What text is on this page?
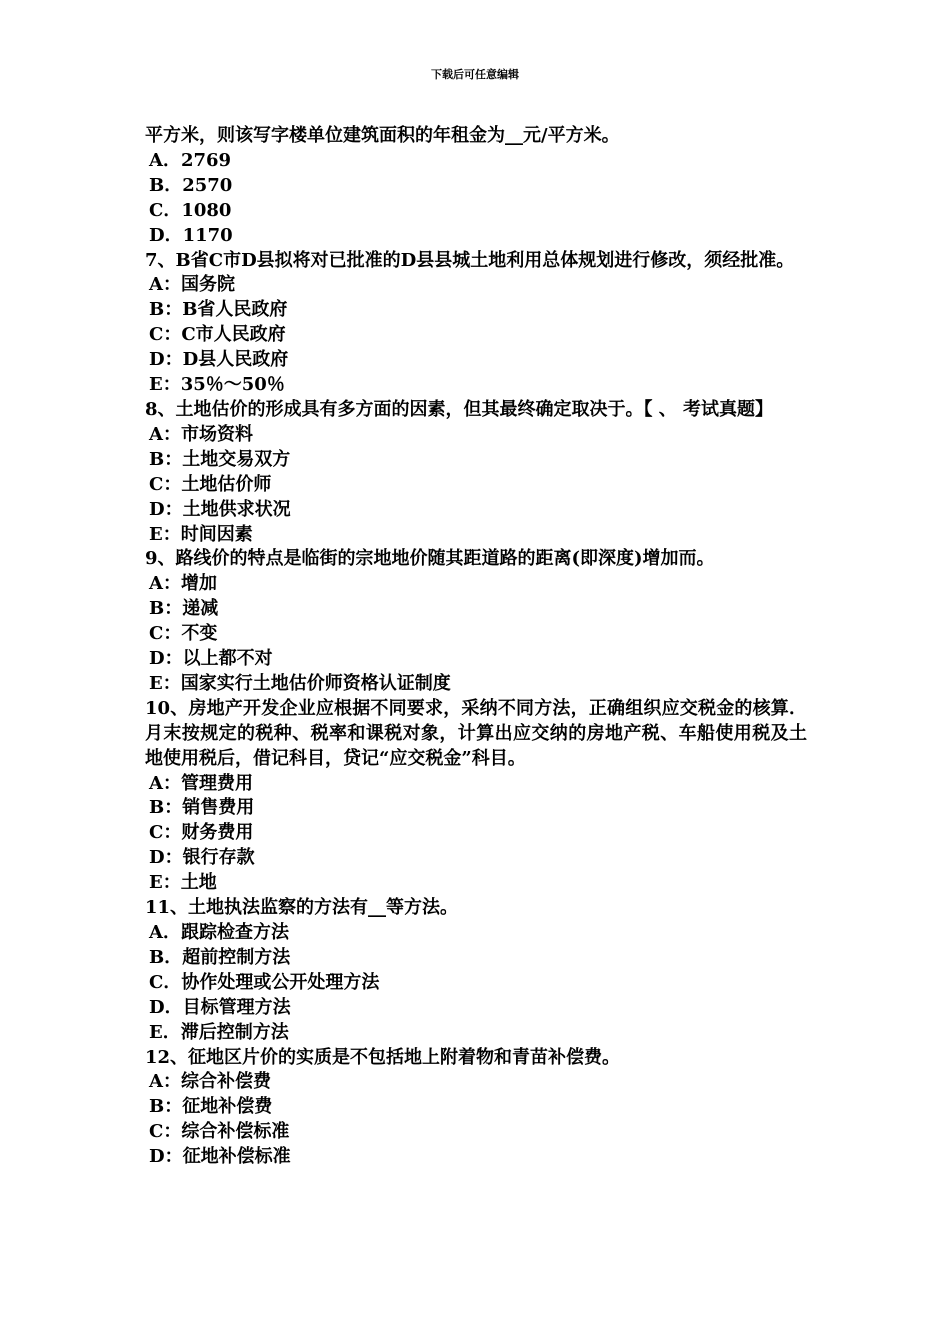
下载后可任意编辑
平方米，则该写字楼单位建筑面积的年租金为__元/平方米。
A．2769
B．2570
C．1080
D．1170
7、B省C市D县拟将对已批准的D县县城土地利用总体规划进行修改，须经批准。
A：国务院
B：B省人民政府
C：C市人民政府
D：D县人民政府
E：35％～50％
8、土地估价的形成具有多方面的因素，但其最终确定取决于。【 、 考试真题】
A：市场资料
B：土地交易双方
C：土地估价师
D：土地供求状况
E：时间因素
9、路线价的特点是临街的宗地地价随其距道路的距离(即深度)增加而。
A：增加
B：递减
C：不变
D：以上都不对
E：国家实行土地估价师资格认证制度
10、房地产开发企业应根据不同要求，采纳不同方法，正确组织应交税金的核算．月末按规定的税种、税率和课税对象，计算出应交纳的房地产税、车船使用税及土地使用税后，借记科目，贷记“应交税金”科目。
A：管理费用
B：销售费用
C：财务费用
D：银行存款
E：土地
11、土地执法监察的方法有__等方法。
A．跟踪检查方法
B．超前控制方法
C．协作处理或公开处理方法
D．目标管理方法
E．滞后控制方法
12、征地区片价的实质是不包括地上附着物和青苗补偿费。
A：综合补偿费
B：征地补偿费
C：综合补偿标准
D：征地补偿标准
